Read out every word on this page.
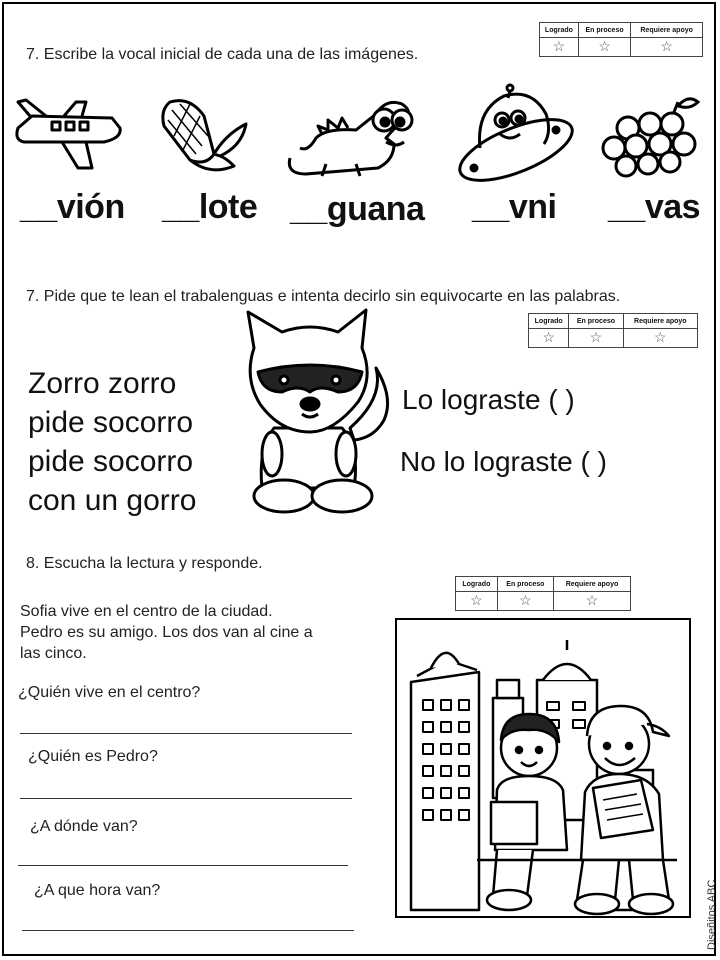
7. Escribe la vocal inicial de cada una de las imágenes.
Logrado	En proceso	Requiere apoyo
☆	☆	☆
__vión __lote __guana __vni __vas
7. Pide que te lean el trabalenguas e intenta decirlo sin equivocarte en las palabras.
Logrado	En proceso	Requiere apoyo
☆	☆	☆
Zorro zorro
pide socorro
pide socorro
con un gorro
Lo lograste ( )
No lo lograste ( )
8. Escucha la lectura y responde.
Logrado	En proceso	Requiere apoyo
☆	☆	☆
Sofia vive en el centro de la ciudad.
Pedro es su amigo. Los dos van al cine a
las cinco.
¿Quién vive en el centro?
¿Quién es Pedro?
¿A dónde van?
¿A que hora van?	Diseñitos ABC
